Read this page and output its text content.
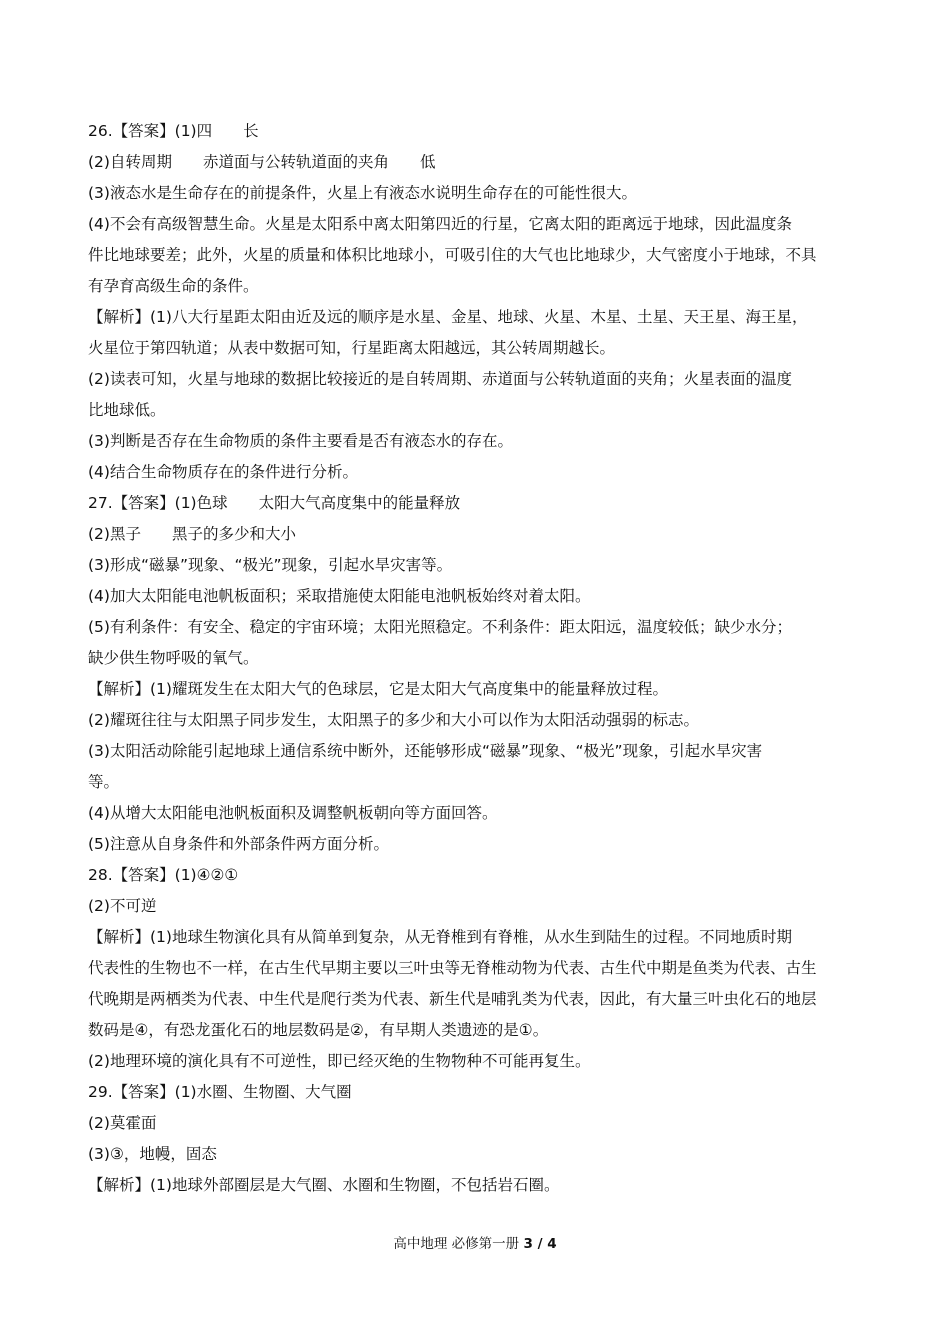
26.【答案】(1)四　　长
(2)自转周期　　赤道面与公转轨道面的夹角　　低
(3)液态水是生命存在的前提条件，火星上有液态水说明生命存在的可能性很大。
(4)不会有高级智慧生命。火星是太阳系中离太阳第四近的行星，它离太阳的距离远于地球，因此温度条
件比地球要差；此外，火星的质量和体积比地球小，可吸引住的大气也比地球少，大气密度小于地球，不具
有孕育高级生命的条件。
【解析】(1)八大行星距太阳由近及远的顺序是水星、金星、地球、火星、木星、土星、天王星、海王星，
火星位于第四轨道；从表中数据可知，行星距离太阳越远，其公转周期越长。
(2)读表可知，火星与地球的数据比较接近的是自转周期、赤道面与公转轨道面的夹角；火星表面的温度
比地球低。
(3)判断是否存在生命物质的条件主要看是否有液态水的存在。
(4)结合生命物质存在的条件进行分析。
27.【答案】(1)色球　　太阳大气高度集中的能量释放
(2)黑子　　黑子的多少和大小
(3)形成“磁暴”现象、“极光”现象，引起水旱灾害等。
(4)加大太阳能电池帆板面积；采取措施使太阳能电池帆板始终对着太阳。
(5)有利条件：有安全、稳定的宇宙环境；太阳光照稳定。不利条件：距太阳远，温度较低；缺少水分；
缺少供生物呼吸的氧气。
【解析】(1)耀斑发生在太阳大气的色球层，它是太阳大气高度集中的能量释放过程。
(2)耀斑往往与太阳黑子同步发生，太阳黑子的多少和大小可以作为太阳活动强弱的标志。
(3)太阳活动除能引起地球上通信系统中断外，还能够形成“磁暴”现象、“极光”现象，引起水旱灾害
等。
(4)从增大太阳能电池帆板面积及调整帆板朝向等方面回答。
(5)注意从自身条件和外部条件两方面分析。
28.【答案】(1)④②①
(2)不可逆
【解析】(1)地球生物演化具有从简单到复杂，从无脊椎到有脊椎，从水生到陆生的过程。不同地质时期
代表性的生物也不一样，在古生代早期主要以三叶虫等无脊椎动物为代表、古生代中期是鱼类为代表、古生
代晚期是两栖类为代表、中生代是爬行类为代表、新生代是哺乳类为代表，因此，有大量三叶虫化石的地层
数码是④，有恐龙蛋化石的地层数码是②，有早期人类遗迹的是①。
(2)地理环境的演化具有不可逆性，即已经灭绝的生物物种不可能再复生。
29.【答案】(1)水圈、生物圈、大气圈
(2)莫霍面
(3)③，地幔，固态
【解析】(1)地球外部圈层是大气圈、水圈和生物圈，不包括岩石圈。
高中地理 必修第一册 3 / 4
